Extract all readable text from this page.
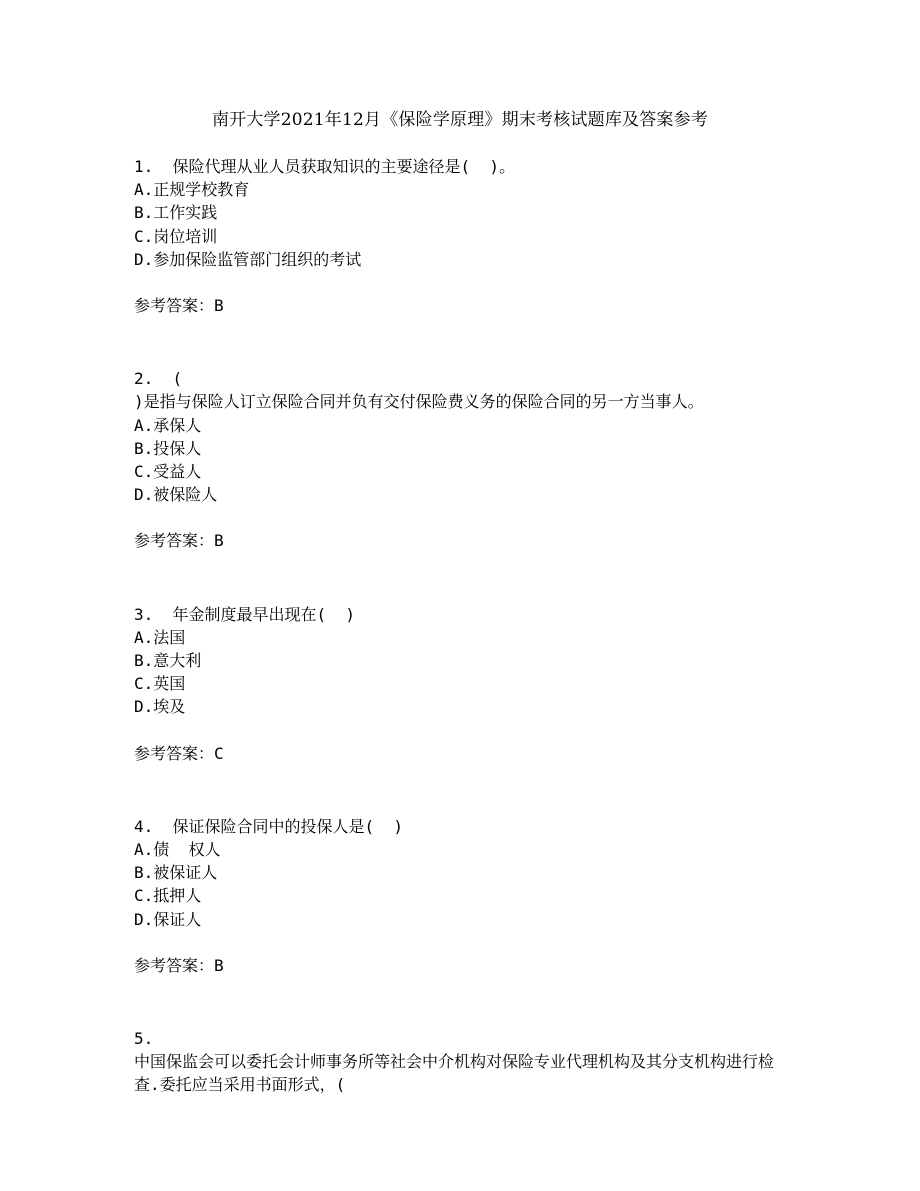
南开大学2021年12月《保险学原理》期末考核试题库及答案参考
1.  保险代理从业人员获取知识的主要途径是(  )。
A.正规学校教育
B.工作实践
C.岗位培训
D.参加保险监管部门组织的考试
参考答案：B
2.  (
)是指与保险人订立保险合同并负有交付保险费义务的保险合同的另一方当事人。
A.承保人
B.投保人
C.受益人
D.被保险人
参考答案：B
3.  年金制度最早出现在(  )
A.法国
B.意大利
C.英国
D.埃及
参考答案：C
4.  保证保险合同中的投保人是(  )
A.债  权人
B.被保证人
C.抵押人
D.保证人
参考答案：B
5.
中国保监会可以委托会计师事务所等社会中介机构对保险专业代理机构及其分支机构进行检查.委托应当采用书面形式，(
